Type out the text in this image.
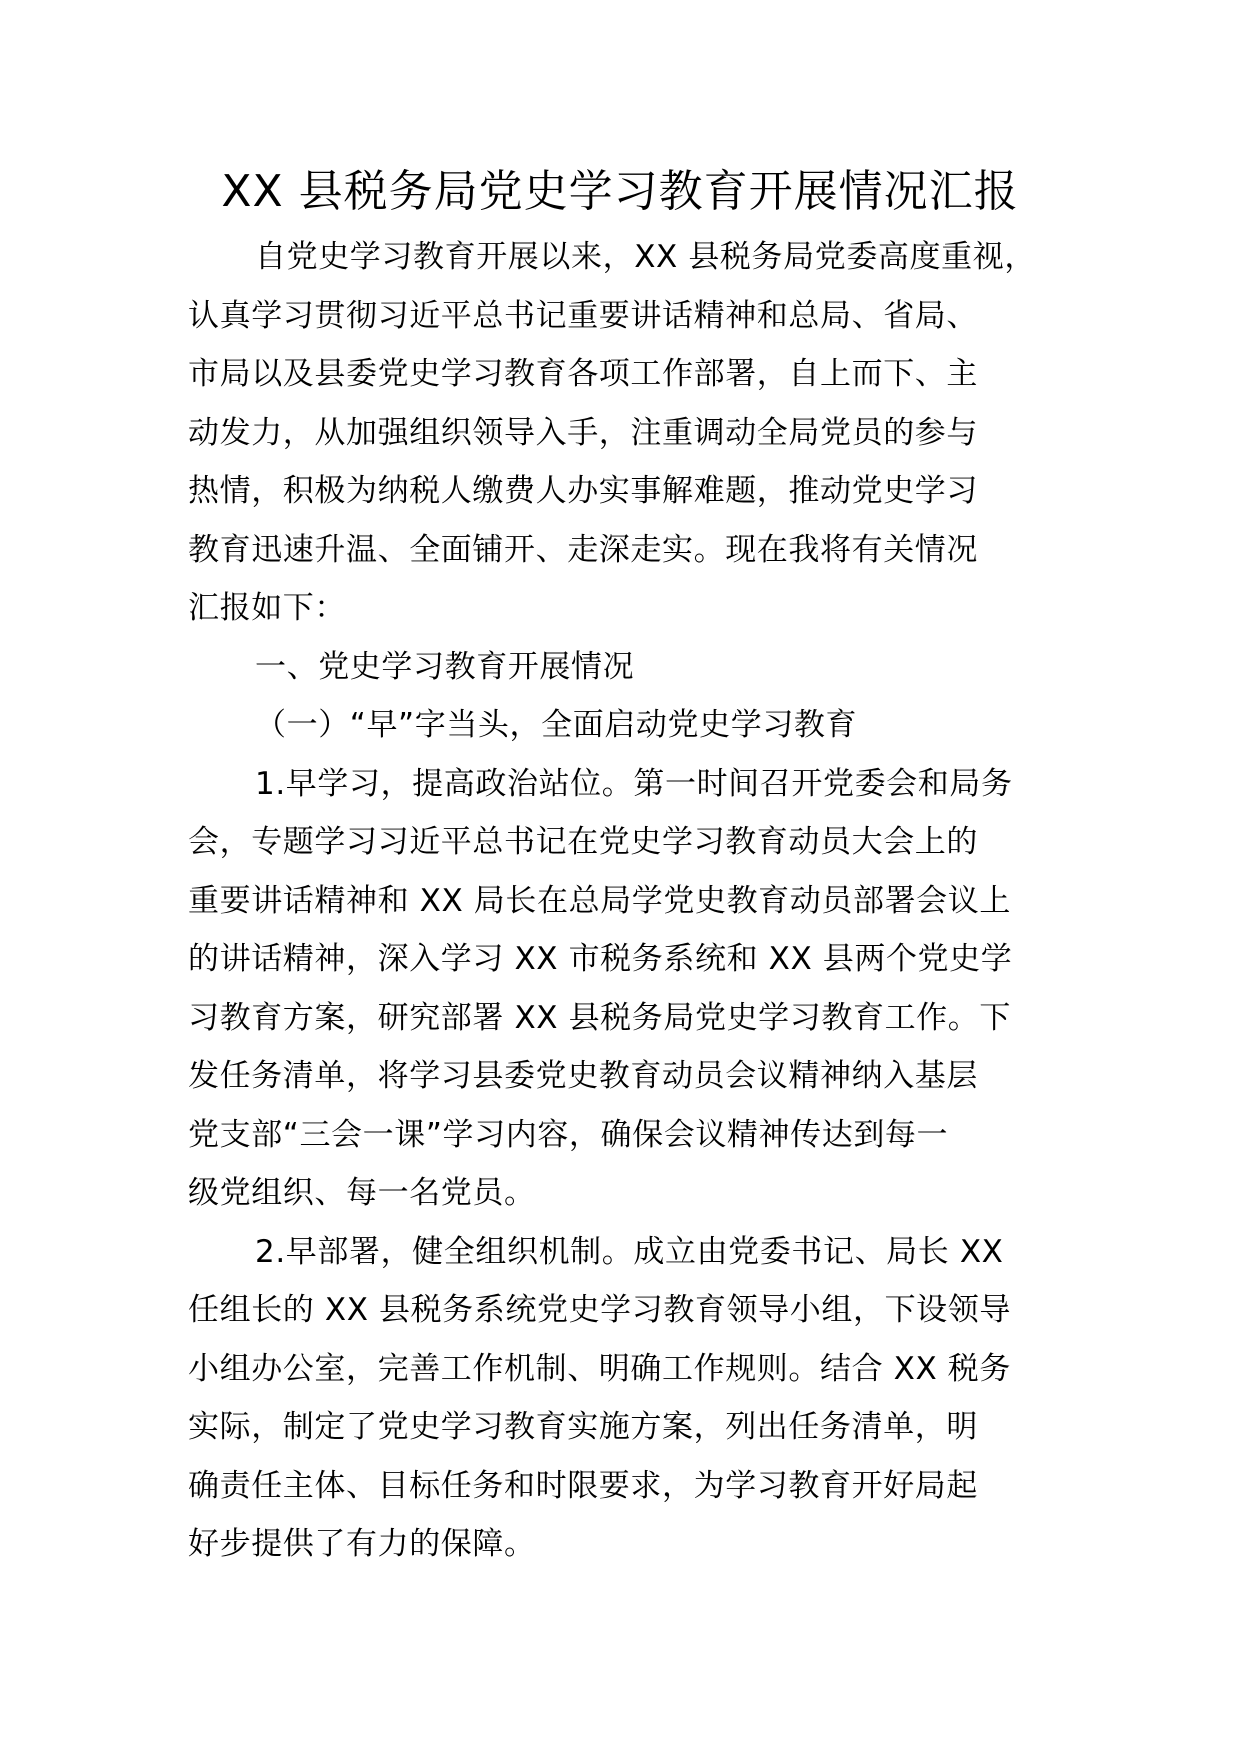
XX 县税务局党史学习教育开展情况汇报
自党史学习教育开展以来，XX 县税务局党委高度重视，
认真学习贯彻习近平总书记重要讲话精神和总局、省局、
市局以及县委党史学习教育各项工作部署，自上而下、主
动发力，从加强组织领导入手，注重调动全局党员的参与
热情，积极为纳税人缴费人办实事解难题，推动党史学习
教育迅速升温、全面铺开、走深走实。现在我将有关情况
汇报如下：
一、党史学习教育开展情况
（一）“早”字当头，全面启动党史学习教育
1.早学习，提高政治站位。第一时间召开党委会和局务
会，专题学习习近平总书记在党史学习教育动员大会上的
重要讲话精神和 XX 局长在总局学党史教育动员部署会议上
的讲话精神，深入学习 XX 市税务系统和 XX 县两个党史学
习教育方案，研究部署 XX 县税务局党史学习教育工作。下
发任务清单，将学习县委党史教育动员会议精神纳入基层
党支部“三会一课”学习内容，确保会议精神传达到每一
级党组织、每一名党员。
2.早部署，健全组织机制。成立由党委书记、局长 XX
任组长的 XX 县税务系统党史学习教育领导小组，下设领导
小组办公室，完善工作机制、明确工作规则。结合 XX 税务
实际，制定了党史学习教育实施方案，列出任务清单，明
确责任主体、目标任务和时限要求，为学习教育开好局起
好步提供了有力的保障。
